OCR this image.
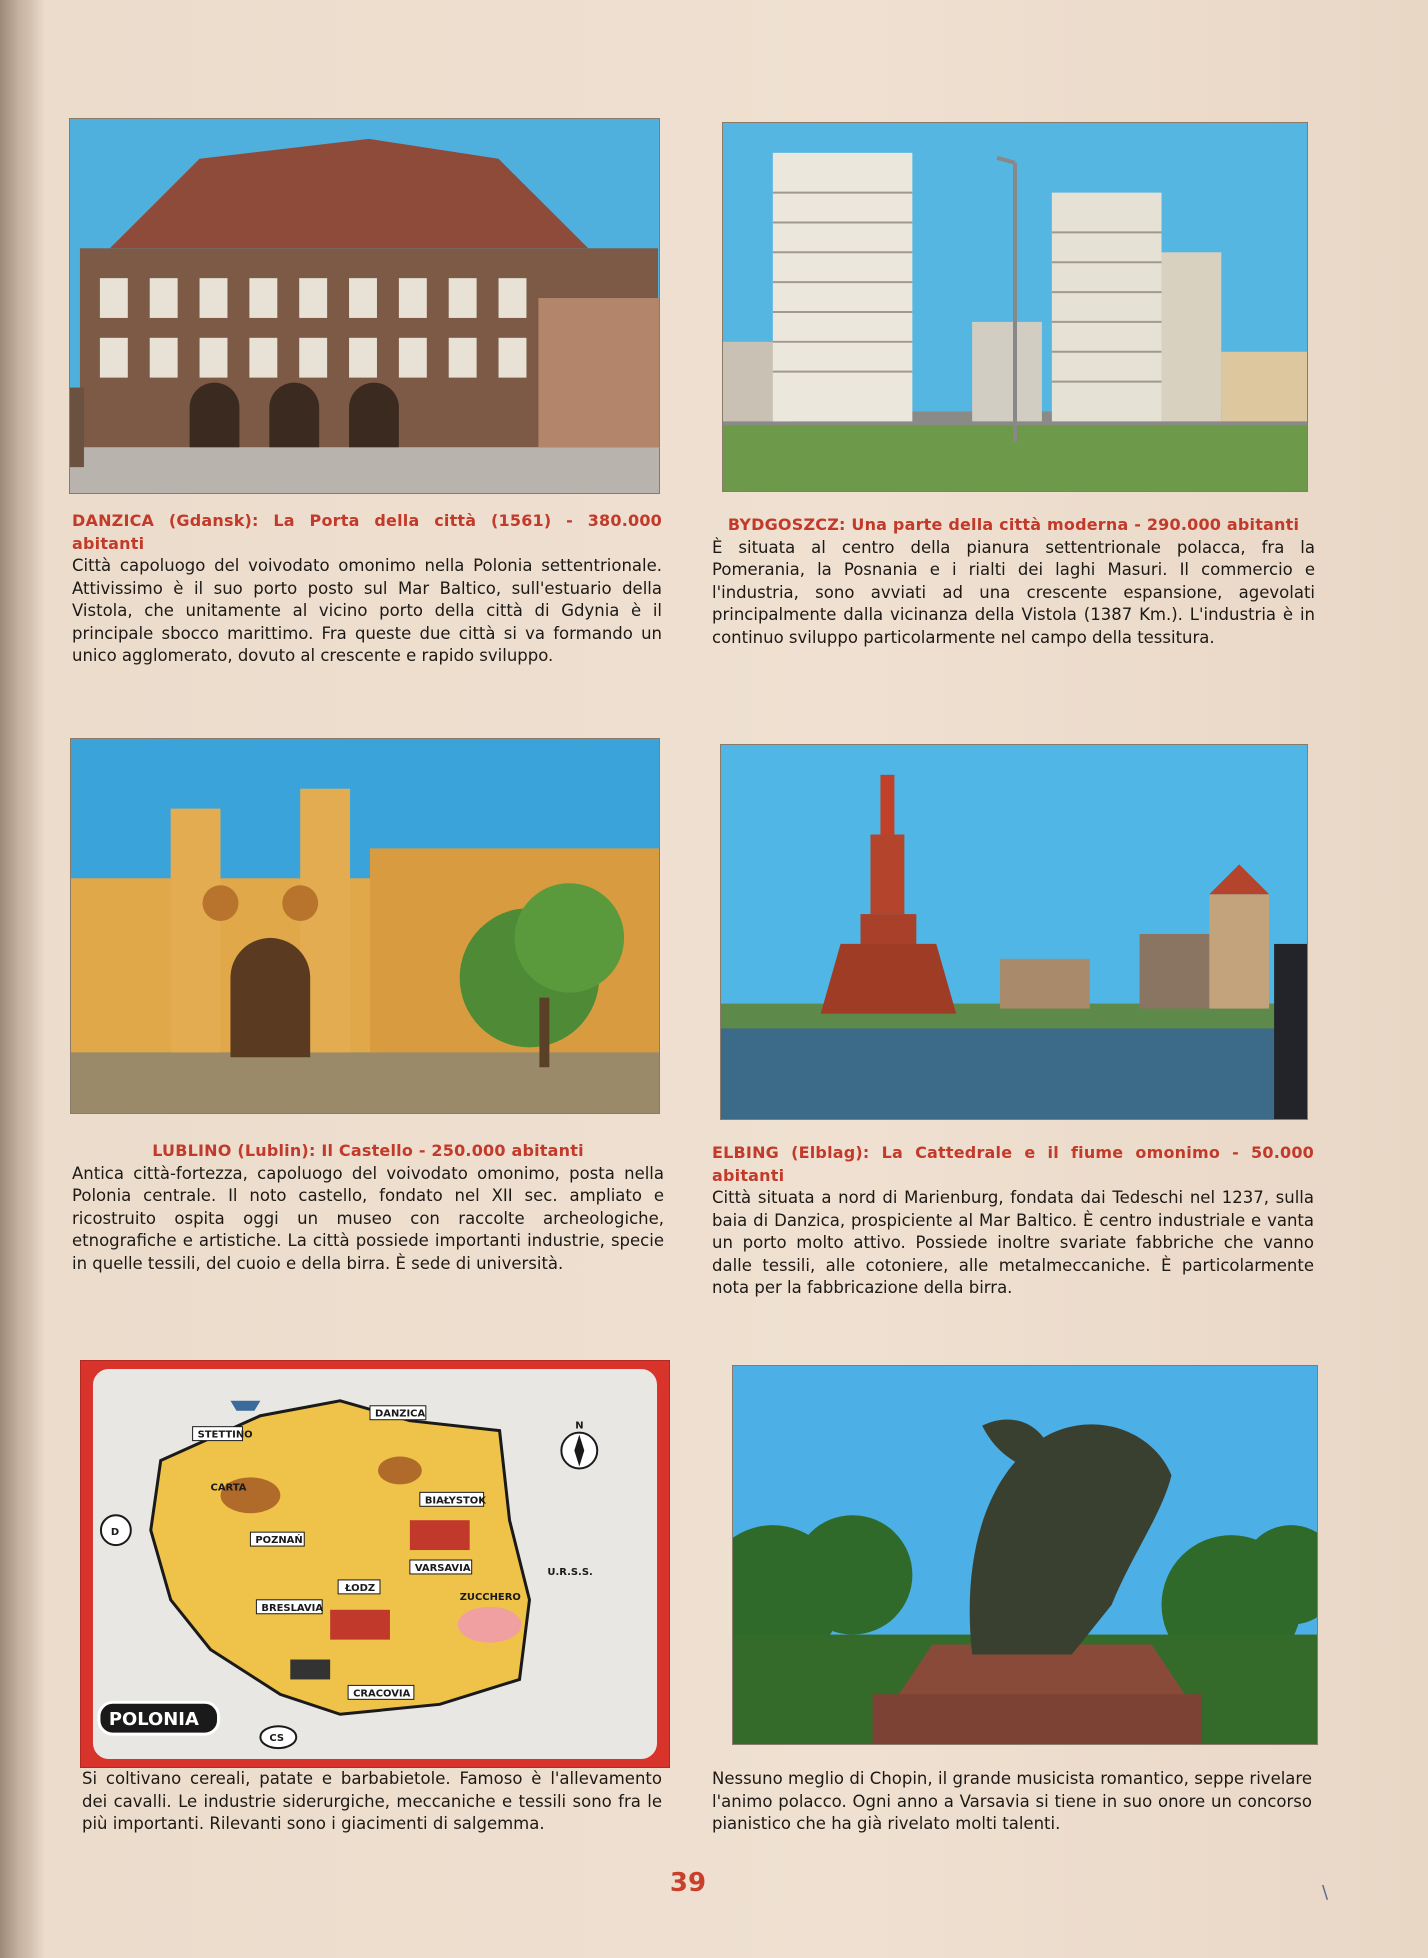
DANZICA (Gdansk): La Porta della città (1561) - 380.000 abitanti
Città capoluogo del voivodato omonimo nella Polonia settentrionale. Attivissimo è il suo porto posto sul Mar Baltico, sull'estuario della Vistola, che unitamente al vicino porto della città di Gdynia è il principale sbocco marittimo. Fra queste due città si va formando un unico agglomerato, dovuto al crescente e rapido sviluppo.
BYDGOSZCZ: Una parte della città moderna - 290.000 abitanti
È situata al centro della pianura settentrionale polacca, fra la Pomerania, la Posnania e i rialti dei laghi Masuri. Il commercio e l'industria, sono avviati ad una crescente espansione, agevolati principalmente dalla vicinanza della Vistola (1387 Km.). L'industria è in continuo sviluppo particolarmente nel campo della tessitura.
LUBLINO (Lublin): Il Castello - 250.000 abitanti
Antica città-fortezza, capoluogo del voivodato omonimo, posta nella Polonia centrale. Il noto castello, fondato nel XII sec. ampliato e ricostruito ospita oggi un museo con raccolte archeologiche, etnografiche e artistiche. La città possiede importanti industrie, specie in quelle tessili, del cuoio e della birra. È sede di università.
ELBING (Elblag): La Cattedrale e il fiume omonimo - 50.000 abitanti
Città situata a nord di Marienburg, fondata dai Tedeschi nel 1237, sulla baia di Danzica, prospiciente al Mar Baltico. È centro industriale e vanta un porto molto attivo. Possiede inoltre svariate fabbriche che vanno dalle tessili, alle cotoniere, alle metalmeccaniche. È particolarmente nota per la fabbricazione della birra.
STETTINO
DANZICA
BIAŁYSTOK
POZNAŃ
VARSAVIA
ŁODZ
BRESLAVIA
CRACOVIA
CARTA
ZUCCHERO
D
U.R.S.S.
CS
N
POLONIA
Si coltivano cereali, patate e barbabietole. Famoso è l'allevamento dei cavalli. Le industrie siderurgiche, meccaniche e tessili sono fra le più importanti. Rilevanti sono i giacimenti di salgemma.
Nessuno meglio di Chopin, il grande musicista romantico, seppe rivelare l'animo polacco. Ogni anno a Varsavia si tiene in suo onore un concorso pianistico che ha già rivelato molti talenti.
39	\
